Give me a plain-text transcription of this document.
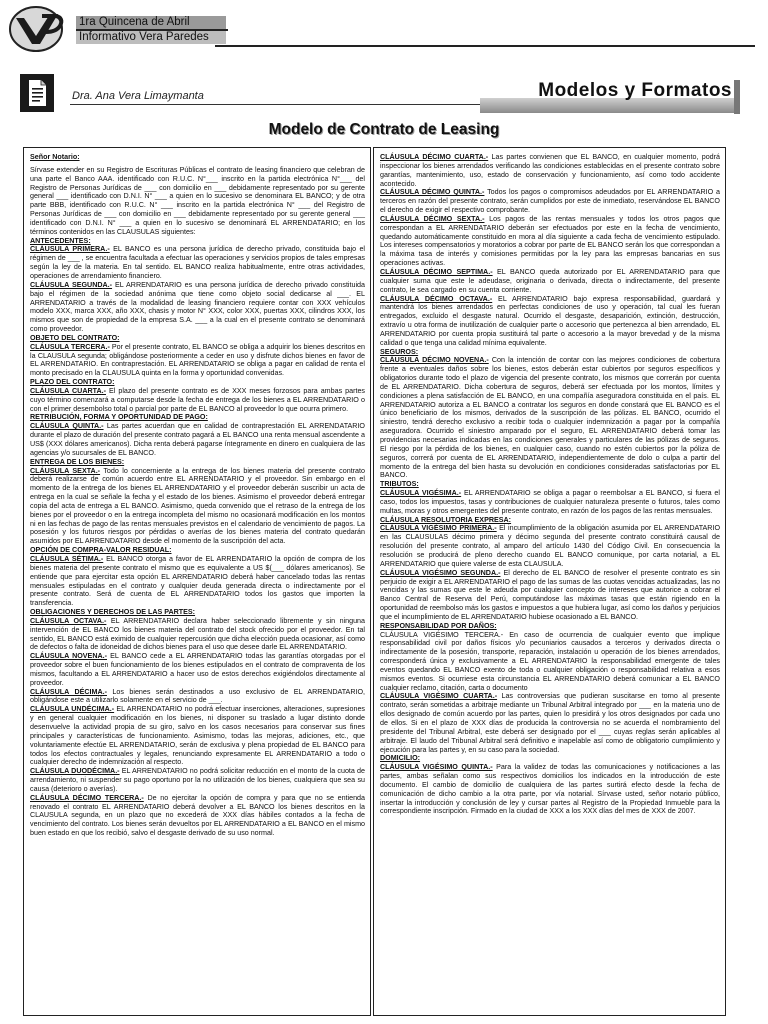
1ra Quincena de Abril
Informativo Vera Paredes
Dra. Ana Vera Limaymanta	Modelos y Formatos
Modelo de Contrato de Leasing

Señor Notario:

Sírvase extender en su Registro de Escrituras Públicas el contrato de leasing financiero que celebran de una parte el Banco AAA. identificado con R.U.C. N°___ inscrito en la partida electrónica N°___ del Registro de Personas Jurídicas de ___ con domicilio en ___ debidamente representado por su gerente general ___ identificado con D.N.I. N° ___ a quien en lo sucesivo se denominara EL BANCO; y de otra parte BBB, identificado con R.U.C. N° ___ inscrito en la partida electrónica N° ___ del Registro de Personas Jurídicas de ___ con domicilio en ___ debidamente representado por su gerente general ___ identificado con D.N.I. N° ___ a quien en lo sucesivo se denominará EL ARRENDATARIO; en los términos contenidos en las CLAUSULAS siguientes:

ANTECEDENTES:

CLÁUSULA PRIMERA.- EL BANCO es una persona jurídica de derecho privado, constituida bajo el régimen de ___ , se encuentra facultada a efectuar las operaciones y servicios propios de tales empresas según la ley de la materia. En tal sentido. EL BANCO realiza habitualmente, entre otras actividades, operaciones de arrendamiento financiero.

CLÁUSULA SEGUNDA.- EL ARRENDATARIO es una persona jurídica de derecho privado constituida bajo el régimen de la sociedad anónima que tiene como objeto social dedicarse al ___. EL ARRENDATARIO a través de la modalidad de leasing financiero requiere contar con XXX vehículos modelo XXX, marca XXX, año XXX, chasis y motor N° XXX, color XXX, puertas XXX, cilindros XXX, los mismos que son de propiedad de la empresa S.A. ___ a la cual en el presente contrato se denominará como proveedor.

OBJETO DEL CONTRATO:

CLÁUSULA TERCERA.- Por el presente contrato, EL BANCO se obliga a adquirir los bienes descritos en la CLAUSULA segunda; obligándose posteriormente a ceder en uso y disfrute dichos bienes en favor de EL ARRENDATARIO. En contraprestación. EL ARRENDATARIO se obliga a pagar en calidad de renta el monto precisado en la CLAUSULA quinta en la forma y oportunidad convenidas.

PLAZO DEL CONTRATO:

CLÁUSULA CUARTA.- El plazo del presente contrato es de XXX meses forzosos para ambas partes cuyo término comenzará a computarse desde la fecha de entrega de los bienes a EL ARRENDATARIO o con el primer desembolso total o parcial por parte de EL BANCO al proveedor lo que ocurra primero.

RETRIBUCIÓN, FORMA Y OPORTUNIDAD DE PAGO:

CLÁUSULA QUINTA.- Las partes acuerdan que en calidad de contraprestación EL ARRENDATARIO durante el plazo de duración del presente contrato pagará a EL BANCO una renta mensual ascendente a US$ (XXX dólares americanos). Dicha renta deberá pagarse íntegramente en dinero en cualquiera de las agencias y/o sucursales de EL BANCO.

ENTREGA DE LOS BIENES:

CLÁUSULA SEXTA.- Todo lo concerniente a la entrega de los bienes materia del presente contrato deberá realizarse de común acuerdo entre EL ARRENDATARIO y el proveedor. Sin embargo en el momento de la entrega de los bienes EL ARRENDATARIO y el proveedor deberán suscribir un acta de entrega en la cual se señale la fecha y el estado de los bienes. Asimismo el proveedor deberá entregar copia del acta de entrega a EL BANCO. Asimismo, queda convenido que el retraso de la entrega de los bienes por el proveedor o en la entrega incompleta del mismo no ocasionará modificación en los montos ni en las fechas de pago de las rentas mensuales previstos en el calendario de vencimiento de pagos. La posesión y los futuros riesgos por pérdidas o averías de los bienes materia del contrato quedarán asumidos por EL ARRENDATARIO desde el momento de la suscripción del acta.

OPCIÓN DE COMPRA-VALOR RESIDUAL:

CLÁUSULA SÉTIMA.- EL BANCO otorga a favor de EL ARRENDATARIO la opción de compra de los bienes materia del presente contrato el mismo que es equivalente a US $(___ dólares americanos). Se entiende que para ejercitar esta opción EL ARRENDATARIO deberá haber cancelado todas las rentas mensuales estipuladas en el contrato y cualquier deuda generada directa o indirectamente por el presente contrato. Será de cuenta de EL ARRENDATARIO todos los gastos que importen la transferencia.

OBLIGACIONES Y DERECHOS DE LAS PARTES:

CLÁUSULA OCTAVA.- EL ARRENDATARIO declara haber seleccionado libremente y sin ninguna intervención de EL BANCO los bienes materia del contrato del stock ofrecido por el proveedor. En tal sentido, EL BANCO está eximido de cualquier repercusión que dicha elección pueda ocasionar, así como de defectos o falta de idoneidad de dichos bienes para el uso que desee darle EL ARRENDATARIO.

CLÁUSULA NOVENA.- EL BANCO cede a EL ARRENDATARIO todas las garantías otorgadas por el proveedor sobre el buen funcionamiento de los bienes estipulados en el contrato de compraventa de los mismos, facultando a EL ARRENDATARIO a hacer uso de estos derechos exigiéndolos directamente al proveedor.

CLÁUSULA DÉCIMA.- Los bienes serán destinados a uso exclusivo de EL ARRENDATARIO, obligándose este a utilizarlo solamente en el servicio de ___.

CLÁUSULA UNDÉCIMA.- EL ARRENDATARIO no podrá efectuar inserciones, alteraciones, supresiones y en general cualquier modificación en los bienes, ni disponer su traslado a lugar distinto donde desenvuelve la actividad propia de su giro, salvo en los casos necesarios para conservar sus fines principales y características de funcionamiento. Asimismo, todas las mejoras, adiciones, etc., que voluntariamente efectúe EL ARRENDATARIO, serán de exclusiva y plena propiedad de EL BANCO para todos los efectos contractuales y legales, renunciando expresamente EL ARRENDATARIO a todo o cualquier derecho de indemnización al respecto.

CLÁUSULA DUODÉCIMA.- EL ARRENDATARIO no podrá solicitar reducción en el monto de la cuota de arrendamiento, ni suspender su pago oportuno por la no utilización de los bienes, cualquiera que sea su causa (deterioro o averías).

CLÁUSULA DÉCIMO TERCERA.- De no ejercitar la opción de compra y para que no se entienda renovado el contrato EL ARRENDATARIO deberá devolver a EL BANCO los bienes descritos en la CLAUSULA segunda, en un plazo que no excederá de XXX días hábiles contados a la fecha de vencimiento del contrato. Los bienes serán devueltos por EL ARRENDATARIO a EL BANCO en el mismo buen estado en que los recibió, salvo el desgaste derivado de su uso normal.

CLÁUSULA DÉCIMO CUARTA.- Las partes convienen que EL BANCO, en cualquier momento, podrá inspeccionar los bienes arrendados verificando las condiciones establecidas en el presente contrato sobre garantías, mantenimiento, uso, estado de conservación y funcionamiento, así como todo accidente acontecido.

CLÁUSULA DÉCIMO QUINTA.- Todos los pagos o compromisos adeudados por EL ARRENDATARIO a terceros en razón del presente contrato, serán cumplidos por este de inmediato, reservándose EL BANCO el derecho de exigir el respectivo comprobante.

CLÁUSULA DÉCIMO SEXTA.- Los pagos de las rentas mensuales y todos los otros pagos que correspondan a EL ARRENDATARIO deberán ser efectuados por este en la fecha de vencimiento, quedando automáticamente constituido en mora al día siguiente a cada fecha de vencimiento estipulado. Los intereses compensatorios y moratorios a cobrar por parte de EL BANCO serán los que correspondan a la máxima tasa de interés y comisiones permitidas por la ley para las empresas bancarias en sus operaciones activas.

CLÁUSULA DÉCIMO SEPTIMA.- EL BANCO queda autorizado por EL ARRENDATARIO para que cualquier suma que este le adeudase, originaria o derivada, directa o indirectamente, del presente contrato, le sea cargado en su cuenta corriente.

CLÁUSULA DÉCIMO OCTAVA.- EL ARRENDATARIO bajo expresa responsabilidad, guardará y mantendrá los bienes arrendados en perfectas condiciones de uso y operación, tal cual les fueran entregados, excluido el desgaste natural. Ocurrido el desgaste, desaparición, extinción, destrucción, extravío u otra forma de inutilización de cualquier parte o accesorio que pertenezca al bien arrendado, EL ARRENDATARIO por cuenta propia sustituirá tal parte o accesorio a la mayor brevedad y de la misma calidad o que tenga una calidad mínima equivalente.

SEGUROS:

CLÁUSULA DÉCIMO NOVENA.- Con la intención de contar con las mejores condiciones de cobertura frente a eventuales daños sobre los bienes, estos deberán estar cubiertos por seguros específicos y obligatorios durante todo el plazo de vigencia del presente contrato, los mismos que correrán por cuenta de EL ARRENDATARIO. Dicha cobertura de seguros, deberá ser efectuada por los montos, límites y condiciones a plena satisfacción de EL BANCO, en una compañía aseguradora constituida en el país. EL ARRENDATARIO autoriza a EL BANCO a contratar los seguros en donde constará que EL BANCO es el único beneficiario de los mismos, derivados de la suscripción de las pólizas. EL BANCO, ocurrido el siniestro, tendrá derecho exclusivo a recibir toda o cualquier indemnización a pagar por la compañía aseguradora. Ocurrido el siniestro amparado por el seguro, EL ARRENDATARIO deberá tomar las providencias necesarias indicadas en las condiciones generales y particulares de las pólizas de seguros. El riesgo por la pérdida de los bienes, en cualquier caso, cuando no estén cubiertos por la póliza de seguros, correrá por cuenta de EL ARRENDATARIO, independientemente de dolo o culpa a partir del momento de la entrega del bien hasta su devolución en condiciones consideradas satisfactorias por EL BANCO.

TRIBUTOS:

CLÁUSULA VIGÉSIMA.- EL ARRENDATARIO se obliga a pagar o reembolsar a EL BANCO, si fuera el caso, todos los impuestos, tasas y contribuciones de cualquier naturaleza presente o futuros, tales como multas, moras y otros emergentes del presente contrato, en razón de los pagos de las rentas mensuales.

CLÁUSULA RESOLUTORIA EXPRESA:

CLÁUSULA VIGÉSIMO PRIMERA.- El incumplimiento de la obligación asumida por EL ARRENDATARIO en las CLAUSULAS décimo primera y décimo segunda del presente contrato constituirá causal de resolución del presente contrato, al amparo del artículo 1430 del Código Civil. En consecuencia la resolución se producirá de pleno derecho cuando EL BANCO comunique, por carta notarial, a EL ARRENDATARIO que quiere valerse de esta CLAUSULA.

CLÁUSULA VIGÉSIMO SEGUNDA.- El derecho de EL BANCO de resolver el presente contrato es sin perjuicio de exigir a EL ARRENDATARIO el pago de las sumas de las cuotas vencidas actualizadas, las no vencidas y las sumas que este le adeuda por cualquier concepto de intereses que autorice a cobrar el Banco Central de Reserva del Perú, computándose las máximas tasas que están rigiendo en la oportunidad de reembolso más los gastos e impuestos a que hubiera lugar, así como los daños y perjuicios que el incumplimiento de EL ARRENDATARIO hubiese ocasionado a EL BANCO.

RESPONSABILIDAD POR DAÑOS:

CLÁUSULA VIGÉSIMO TERCERA.- En caso de ocurrencia de cualquier evento que implique responsabilidad civil por daños físicos y/o pecuniarios causados a terceros y derivados directa o indirectamente de la posesión, transporte, reparación, instalación u operación de los bienes arrendados, corresponderá única y exclusivamente a EL ARRENDATARIO la responsabilidad emergente de tales eventos quedando EL BANCO exento de toda o cualquier obligación o responsabilidad relativa a esos mismos eventos. Si ocurriese esta circunstancia EL ARRENDATARIO deberá comunicar a EL BANCO cualquier reclamo, citación, carta o documento

CLÁUSULA VIGÉSIMO CUARTA.- Las controversias que pudieran suscitarse en torno al presente contrato, serán sometidas a arbitraje mediante un Tribunal Arbitral integrado por ___ en la materia uno de ellos designado de común acuerdo por las partes, quien lo presidirá y los otros designados por cada uno de ellos. Si en el plazo de XXX días de producida la controversia no se acuerda el nombramiento del presidente del Tribunal Arbitral, este deberá ser designado por el ___ cuyas reglas serán aplicables al arbitraje. El laudo del Tribunal Arbitral será definitivo e inapelable así como de obligatorio cumplimiento y ejecución para las partes y, en su caso para la sociedad.

DOMICILIO:

CLÁUSULA VIGÉSIMO QUINTA.- Para la validez de todas las comunicaciones y notificaciones a las partes, ambas señalan como sus respectivos domicilios los indicados en la introducción de este documento. El cambio de domicilio de cualquiera de las partes surtirá efecto desde la fecha de comunicación de dicho cambio a la otra parte, por vía notarial. Sírvase usted, señor notario público, insertar la introducción y conclusión de ley y cursar partes al Registro de la Propiedad Inmueble para la correspondiente inscripción. Firmado en la ciudad de XXX a los XXX días del mes de XXX de 2007.
